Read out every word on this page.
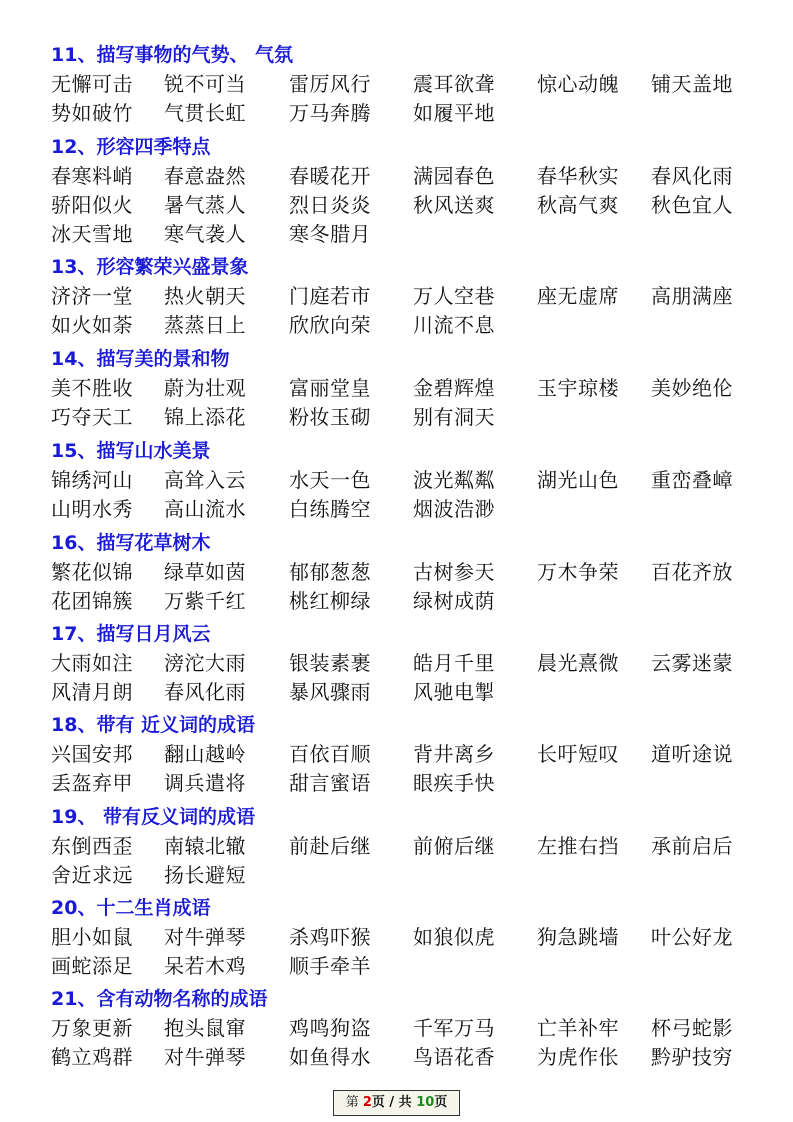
11、描写事物的气势、 气氛
无懈可击 锐不可当 雷厉风行 震耳欲聋 惊心动魄 铺天盖地
势如破竹 气贯长虹 万马奔腾 如履平地
12、形容四季特点
春寒料峭 春意盎然 春暖花开 满园春色 春华秋实 春风化雨
骄阳似火 暑气蒸人 烈日炎炎 秋风送爽 秋高气爽 秋色宜人
冰天雪地 寒气袭人 寒冬腊月
13、形容繁荣兴盛景象
济济一堂 热火朝天 门庭若市 万人空巷 座无虚席 高朋满座
如火如荼 蒸蒸日上 欣欣向荣 川流不息
14、描写美的景和物
美不胜收 蔚为壮观 富丽堂皇 金碧辉煌 玉宇琼楼 美妙绝伦
巧夺天工 锦上添花 粉妆玉砌 别有洞天
15、描写山水美景
锦绣河山 高耸入云 水天一色 波光粼粼 湖光山色 重峦叠嶂
山明水秀 高山流水 白练腾空 烟波浩渺
16、描写花草树木
繁花似锦 绿草如茵 郁郁葱葱 古树参天 万木争荣 百花齐放
花团锦簇 万紫千红 桃红柳绿 绿树成荫
17、描写日月风云
大雨如注 滂沱大雨 银装素裹 皓月千里 晨光熹微 云雾迷蒙
风清月朗 春风化雨 暴风骤雨 风驰电掣
18、带有 近义词的成语
兴国安邦 翻山越岭 百依百顺 背井离乡 长吁短叹 道听途说
丢盔弃甲 调兵遣将 甜言蜜语 眼疾手快
19、 带有反义词的成语
东倒西歪 南辕北辙 前赴后继 前俯后继 左推右挡 承前启后
舍近求远 扬长避短
20、十二生肖成语
胆小如鼠 对牛弹琴 杀鸡吓猴 如狼似虎 狗急跳墙 叶公好龙
画蛇添足 呆若木鸡 顺手牵羊
21、含有动物名称的成语
万象更新 抱头鼠窜 鸡鸣狗盗 千军万马 亡羊补牢 杯弓蛇影
鹤立鸡群 对牛弹琴 如鱼得水 鸟语花香 为虎作伥 黔驴技穷
第 2页 / 共 10页
